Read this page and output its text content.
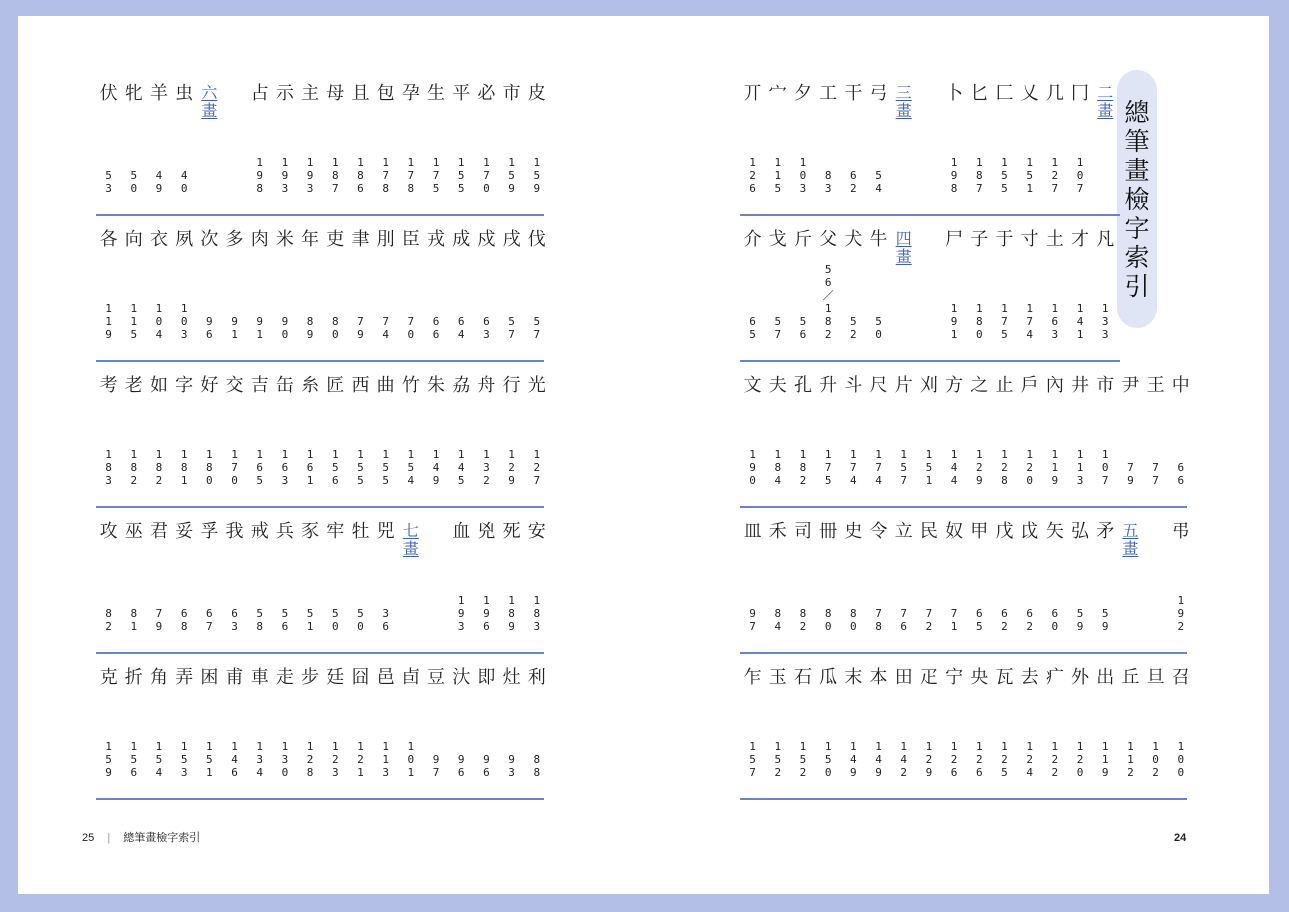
總
筆
畫
檢
字
索
引
25 | 總筆畫檢字索引	24
伏
5
3
牝
5
0
羊
4
9
虫
4
0
六
畫
占
1
9
8
示
1
9
3
主
1
9
3
母
1
8
7
且
1
8
6
包
1
7
8
孕
1
7
8
生
1
7
5
平
1
5
5
必
1
7
0
市
1
5
9
皮
1
5
9
各
1
1
9
向
1
1
5
衣
1
0
4
夙
1
0
3
次
9
6
多
9
1
肉
9
1
米
9
0
年
8
9
吏
8
0
聿
7
9
刖
7
4
臣
7
0
戎
6
6
成
6
4
戍
6
3
戌
5
7
伐
5
7
考
1
8
3
老
1
8
2
如
1
8
2
字
1
8
1
好
1
8
0
交
1
7
0
吉
1
6
5
缶
1
6
3
糸
1
6
1
匠
1
5
6
西
1
5
5
曲
1
5
5
竹
1
5
4
朱
1
4
9
劦
1
4
5
舟
1
3
2
行
1
2
9
光
1
2
7
攻
8
2
巫
8
1
君
7
9
妥
6
8
孚
6
7
我
6
3
戒
5
8
兵
5
6
豕
5
1
牢
5
0
牡
5
0
兕
3
6
七
畫
血
1
9
3
兇
1
9
6
死
1
8
9
安
1
8
3
克
1
5
9
折
1
5
6
角
1
5
4
弄
1
5
3
困
1
5
1
甫
1
4
6
車
1
3
4
走
1
3
0
步
1
2
8
廷
1
2
3
囧
1
2
1
邑
1
1
3
卣
1
0
1
豆
9
7
汏
9
6
即
9
6
灶
9
3
利
8
8
丌
1
2
6
宀
1
1
5
夕
1
0
3
工
8
3
干
6
2
弓
5
4
三
畫
卜
1
9
8
匕
1
8
7
匚
1
5
5
乂
1
5
1
几
1
2
7
冂
1
0
7
二
畫
介
6
5
戈
5
7
斤
5
6
父
5
6
／
1
8
2
犬
5
2
牛
5
0
四
畫
尸
1
9
1
子
1
8
0
于
1
7
5
寸
1
7
4
土
1
6
3
才
1
4
1
凡
1
3
3
文
1
9
0
夫
1
8
4
孔
1
8
2
升
1
7
5
斗
1
7
4
尺
1
7
4
片
1
5
7
刈
1
5
1
方
1
4
4
之
1
2
9
止
1
2
8
戶
1
2
0
內
1
1
9
井
1
1
3
市
1
0
7
尹
7
9
王
7
7
中
6
6
皿
9
7
禾
8
4
司
8
2
冊
8
0
史
8
0
令
7
8
立
7
6
民
7
2
奴
7
1
甲
6
5
戊
6
2
戉
6
2
矢
6
0
弘
5
9
矛
5
9
五
畫
弔
1
9
2
乍
1
5
7
玉
1
5
2
石
1
5
2
瓜
1
5
0
末
1
4
9
本
1
4
9
田
1
4
2
疋
1
2
9
宁
1
2
6
央
1
2
6
瓦
1
2
5
去
1
2
4
疒
1
2
2
外
1
2
0
出
1
1
9
丘
1
1
2
旦
1
0
2
召
1
0
0
